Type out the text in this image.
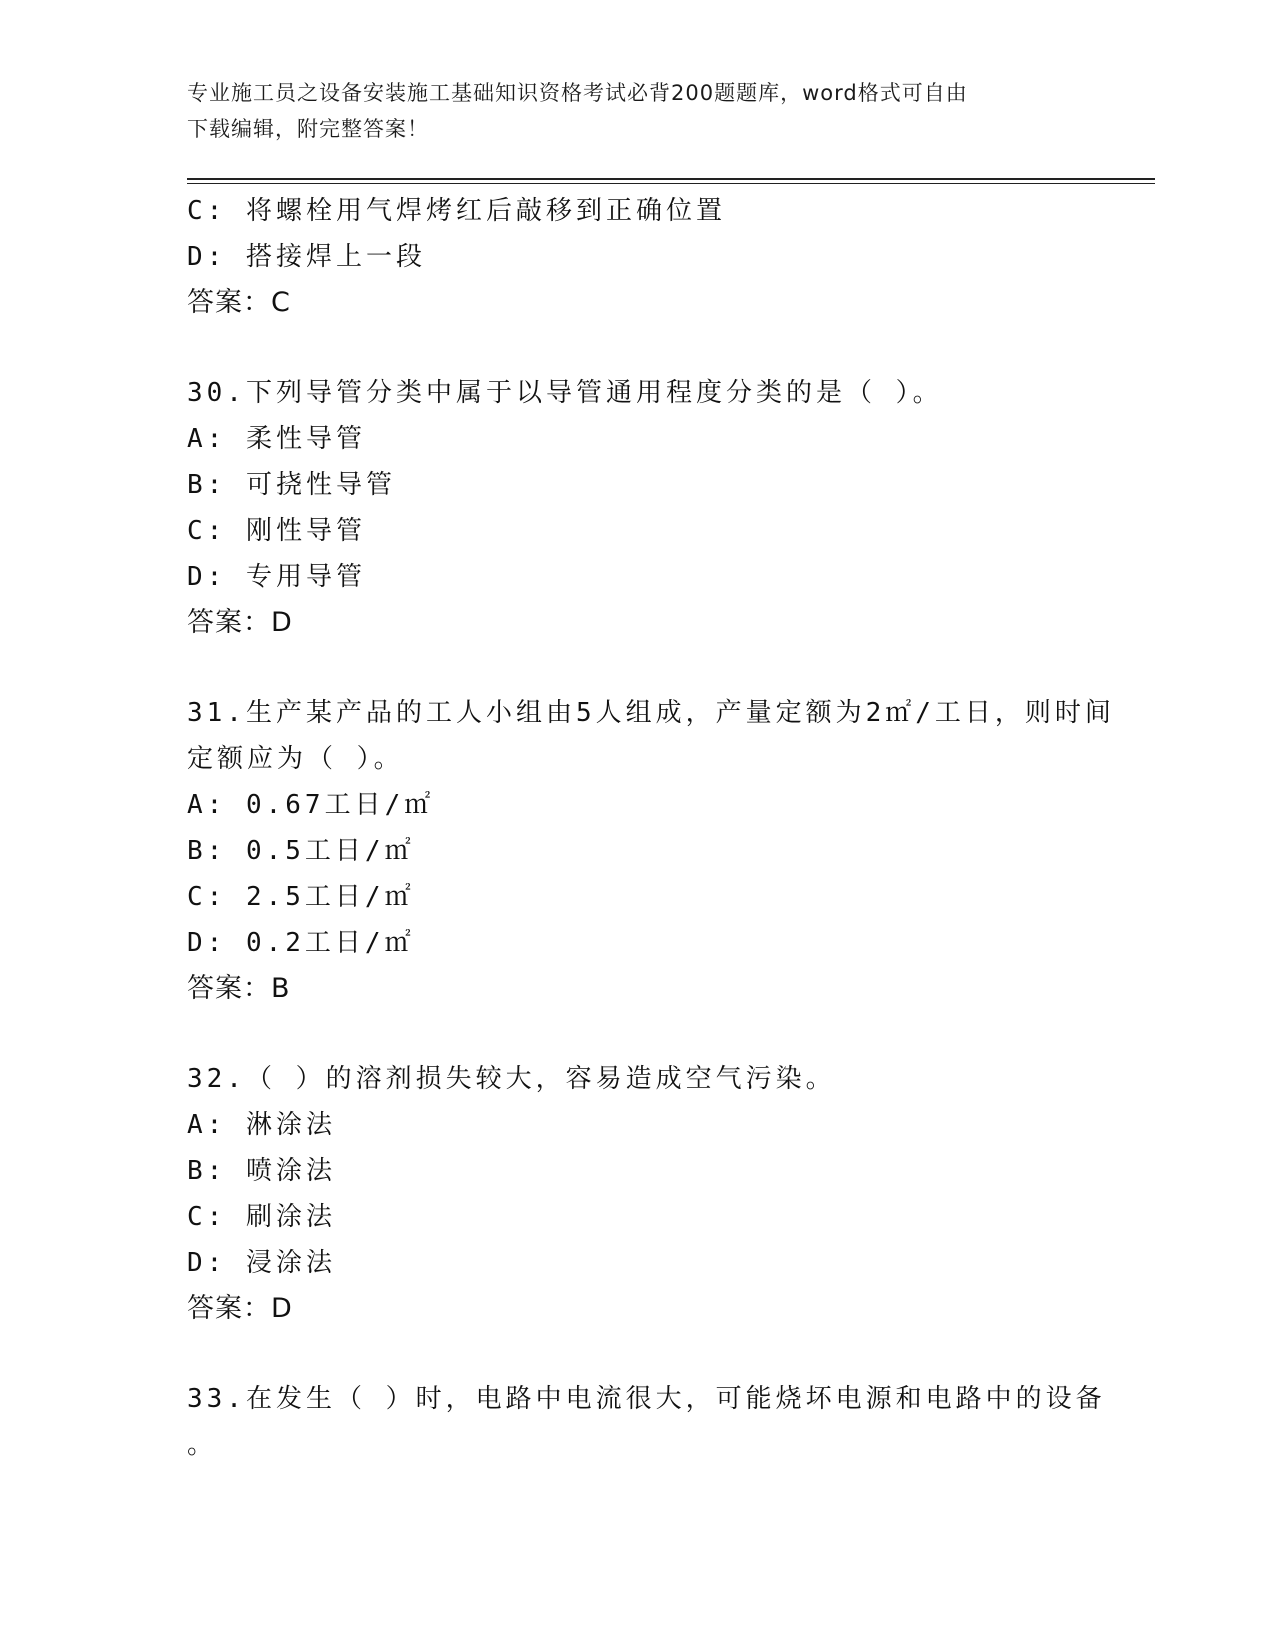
专业施工员之设备安装施工基础知识资格考试必背200题题库，word格式可自由
下载编辑，附完整答案！
C: 将螺栓用气焊烤红后敲移到正确位置
D: 搭接焊上一段
答案：C
30.下列导管分类中属于以导管通用程度分类的是（ ）。
A: 柔性导管
B: 可挠性导管
C: 刚性导管
D: 专用导管
答案：D
31.生产某产品的工人小组由5人组成，产量定额为2㎡/工日，则时间
定额应为（ ）。
A: 0.67工日/㎡
B: 0.5工日/㎡
C: 2.5工日/㎡
D: 0.2工日/㎡
答案：B
32.（ ）的溶剂损失较大，容易造成空气污染。
A: 淋涂法
B: 喷涂法
C: 刷涂法
D: 浸涂法
答案：D
33.在发生（ ）时，电路中电流很大，可能烧坏电源和电路中的设备
。
